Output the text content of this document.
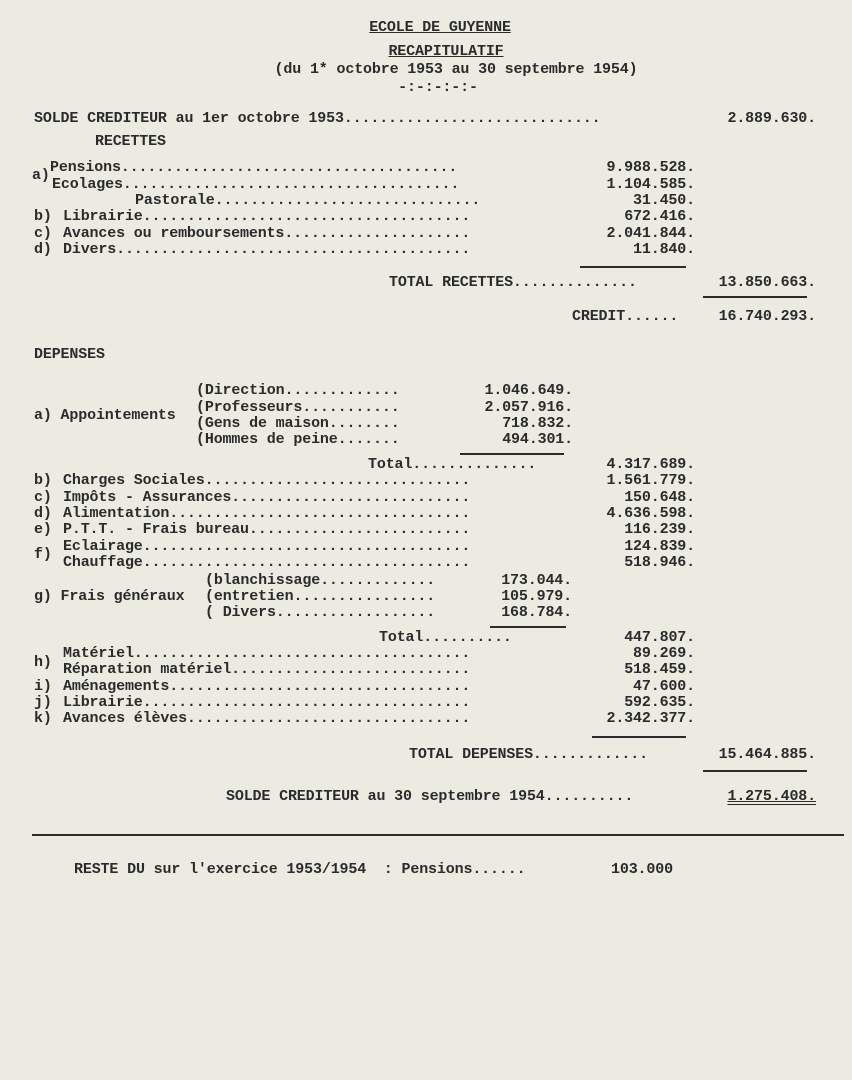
ECOLE DE GUYENNE
RECAPITULATIF
(du 1* octobre 1953 au 30 septembre 1954)
-:-:-:-:-
SOLDE CREDITEUR au 1er octobre 1953.............................	2.889.630.
RECETTES
a) Pensions......................................	9.988.528.
Ecolages......................................	1.104.585.
Pastorale..............................	31.450.
b) Librairie.....................................	672.416.
c) Avances ou remboursements.....................	2.041.844.
d) Divers........................................	11.840.
TOTAL RECETTES..............	13.850.663.
CREDIT......	16.740.293.
DEPENSES
a) Appointements
(Direction.............	1.046.649.
(Professeurs...........	2.057.916.
(Gens de maison........	718.832.
(Hommes de peine.......	494.301.
Total..............	4.317.689.
b) Charges Sociales..............................	1.561.779.
c) Impôts - Assurances...........................	150.648.
d) Alimentation..................................	4.636.598.
e) P.T.T. - Frais bureau.........................	116.239.
f) Eclairage.....................................	124.839.
Chauffage.....................................	518.946.
g) Frais généraux
(blanchissage.............	173.044.
(entretien................	105.979.
( Divers..................	168.784.
Total..........	447.807.
h)
Matériel......................................	89.269.
Réparation matériel...........................	518.459.
i) Aménagements..................................	47.600.
j) Librairie.....................................	592.635.
k) Avances élèves................................	2.342.377.
TOTAL DEPENSES.............	15.464.885.
SOLDE CREDITEUR au 30 septembre 1954..........	1.275.408.
RESTE DU sur l'exercice 1953/1954  : Pensions......	103.000
